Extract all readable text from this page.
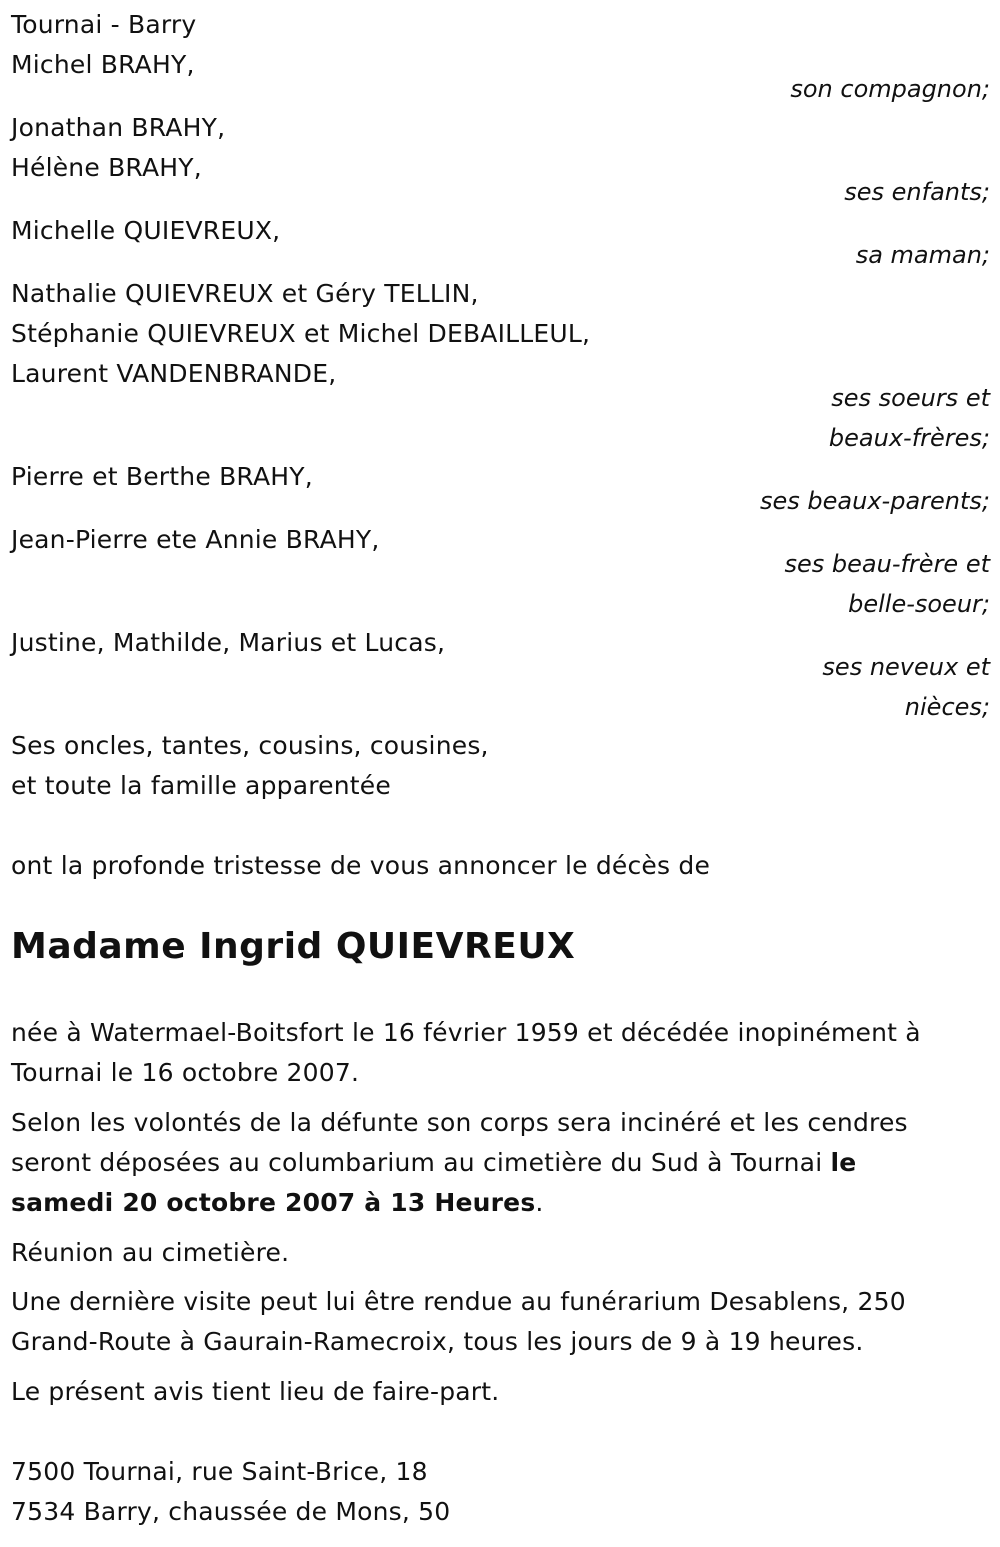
Tournai - Barry
Michel BRAHY,
son compagnon;
Jonathan BRAHY,
Hélène BRAHY,
ses enfants;
Michelle QUIEVREUX,
sa maman;
Nathalie QUIEVREUX et Géry TELLIN,
Stéphanie QUIEVREUX et Michel DEBAILLEUL,
Laurent VANDENBRANDE,
ses soeurs et
beaux-frères;
Pierre et Berthe BRAHY,
ses beaux-parents;
Jean-Pierre ete Annie BRAHY,
ses beau-frère et
belle-soeur;
Justine, Mathilde, Marius et Lucas,
ses neveux et
nièces;
Ses oncles, tantes, cousins, cousines,
et toute la famille apparentée
ont la profonde tristesse de vous annoncer le décès de
Madame Ingrid QUIEVREUX
née à Watermael-Boitsfort le 16 février 1959 et décédée inopinément à
Tournai le 16 octobre 2007.
Selon les volontés de la défunte son corps sera incinéré et les cendres
seront déposées au columbarium au cimetière du Sud à Tournai le
samedi 20 octobre 2007 à 13 Heures.
Réunion au cimetière.
Une dernière visite peut lui être rendue au funérarium Desablens, 250
Grand-Route à Gaurain-Ramecroix, tous les jours de 9 à 19 heures.
Le présent avis tient lieu de faire-part.
7500 Tournai, rue Saint-Brice, 18
7534 Barry, chaussée de Mons, 50
